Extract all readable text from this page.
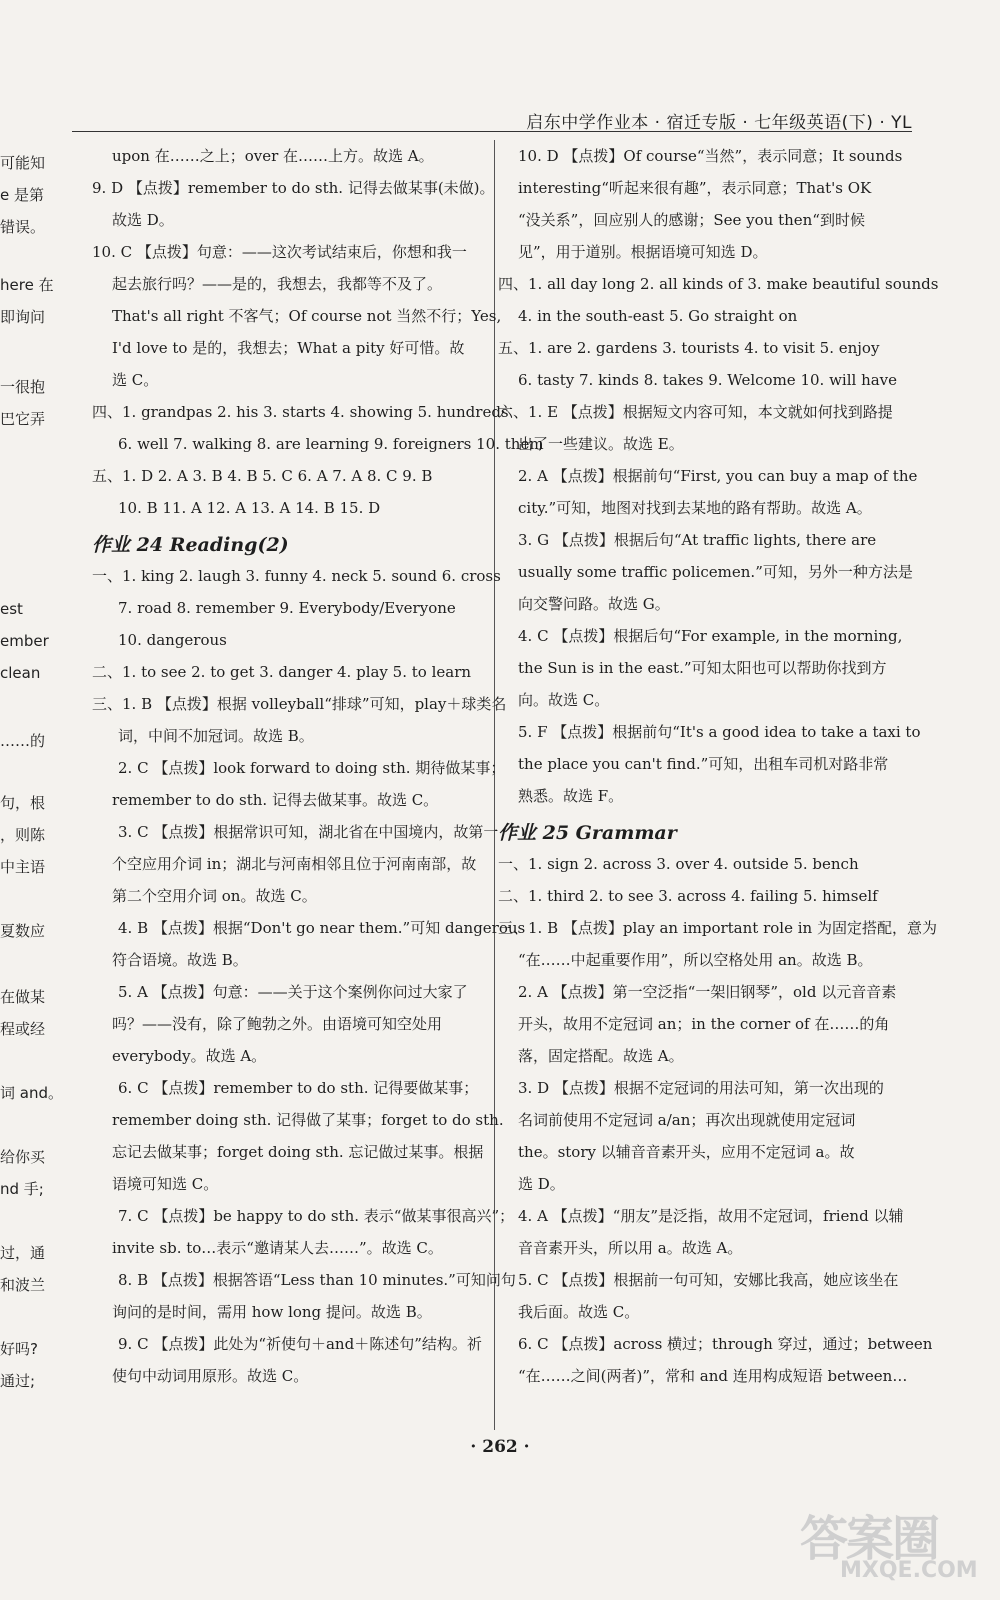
启东中学作业本 · 宿迁专版 · 七年级英语(下) · YL
可能知
e 是第
错误。
here 在
即询问
一很抱
巴它弄
est
ember
clean
……的
句，根
，则陈
中主语
夏数应
在做某
程或经
词 and。
给你买
nd 手;
过，通
和波兰
好吗?
通过;
upon 在……之上；over 在……上方。故选 A。
9. D 【点拨】remember to do sth. 记得去做某事(未做)。
故选 D。
10. C 【点拨】句意：——这次考试结束后，你想和我一
起去旅行吗？——是的，我想去，我都等不及了。
That's all right 不客气；Of course not 当然不行；Yes,
I'd love to 是的，我想去；What a pity 好可惜。故
选 C。
四、1. grandpas 2. his 3. starts 4. showing 5. hundreds
6. well 7. walking 8. are learning 9. foreigners 10. them
五、1. D 2. A 3. B 4. B 5. C 6. A 7. A 8. C 9. B
10. B 11. A 12. A 13. A 14. B 15. D
作业 24 Reading(2)
一、1. king 2. laugh 3. funny 4. neck 5. sound 6. cross
7. road 8. remember 9. Everybody/Everyone
10. dangerous
二、1. to see 2. to get 3. danger 4. play 5. to learn
三、1. B 【点拨】根据 volleyball“排球”可知，play＋球类名
词，中间不加冠词。故选 B。
2. C 【点拨】look forward to doing sth. 期待做某事；
remember to do sth. 记得去做某事。故选 C。
3. C 【点拨】根据常识可知，湖北省在中国境内，故第一
个空应用介词 in；湖北与河南相邻且位于河南南部，故
第二个空用介词 on。故选 C。
4. B 【点拨】根据“Don't go near them.”可知 dangerous
符合语境。故选 B。
5. A 【点拨】句意：——关于这个案例你问过大家了
吗？——没有，除了鲍勃之外。由语境可知空处用
everybody。故选 A。
6. C 【点拨】remember to do sth. 记得要做某事；
remember doing sth. 记得做了某事；forget to do sth.
忘记去做某事；forget doing sth. 忘记做过某事。根据
语境可知选 C。
7. C 【点拨】be happy to do sth. 表示“做某事很高兴”；
invite sb. to…表示“邀请某人去……”。故选 C。
8. B 【点拨】根据答语“Less than 10 minutes.”可知问句
询问的是时间，需用 how long 提问。故选 B。
9. C 【点拨】此处为“祈使句＋and＋陈述句”结构。祈
使句中动词用原形。故选 C。
10. D 【点拨】Of course“当然”，表示同意；It sounds
interesting“听起来很有趣”，表示同意；That's OK
“没关系”，回应别人的感谢；See you then“到时候
见”，用于道别。根据语境可知选 D。
四、1. all day long 2. all kinds of 3. make beautiful sounds
4. in the south-east 5. Go straight on
五、1. are 2. gardens 3. tourists 4. to visit 5. enjoy
6. tasty 7. kinds 8. takes 9. Welcome 10. will have
六、1. E 【点拨】根据短文内容可知，本文就如何找到路提
出了一些建议。故选 E。
2. A 【点拨】根据前句“First, you can buy a map of the
city.”可知，地图对找到去某地的路有帮助。故选 A。
3. G 【点拨】根据后句“At traffic lights, there are
usually some traffic policemen.”可知，另外一种方法是
向交警问路。故选 G。
4. C 【点拨】根据后句“For example, in the morning,
the Sun is in the east.”可知太阳也可以帮助你找到方
向。故选 C。
5. F 【点拨】根据前句“It's a good idea to take a taxi to
the place you can't find.”可知，出租车司机对路非常
熟悉。故选 F。
作业 25 Grammar
一、1. sign 2. across 3. over 4. outside 5. bench
二、1. third 2. to see 3. across 4. failing 5. himself
三、1. B 【点拨】play an important role in 为固定搭配，意为
“在……中起重要作用”，所以空格处用 an。故选 B。
2. A 【点拨】第一空泛指“一架旧钢琴”，old 以元音音素
开头，故用不定冠词 an；in the corner of 在……的角
落，固定搭配。故选 A。
3. D 【点拨】根据不定冠词的用法可知，第一次出现的
名词前使用不定冠词 a/an；再次出现就使用定冠词
the。story 以辅音音素开头，应用不定冠词 a。故
选 D。
4. A 【点拨】“朋友”是泛指，故用不定冠词，friend 以辅
音音素开头，所以用 a。故选 A。
5. C 【点拨】根据前一句可知，安娜比我高，她应该坐在
我后面。故选 C。
6. C 【点拨】across 横过；through 穿过，通过；between
“在……之间(两者)”，常和 and 连用构成短语 between…
· 262 ·
答案圈
MXQE.COM
